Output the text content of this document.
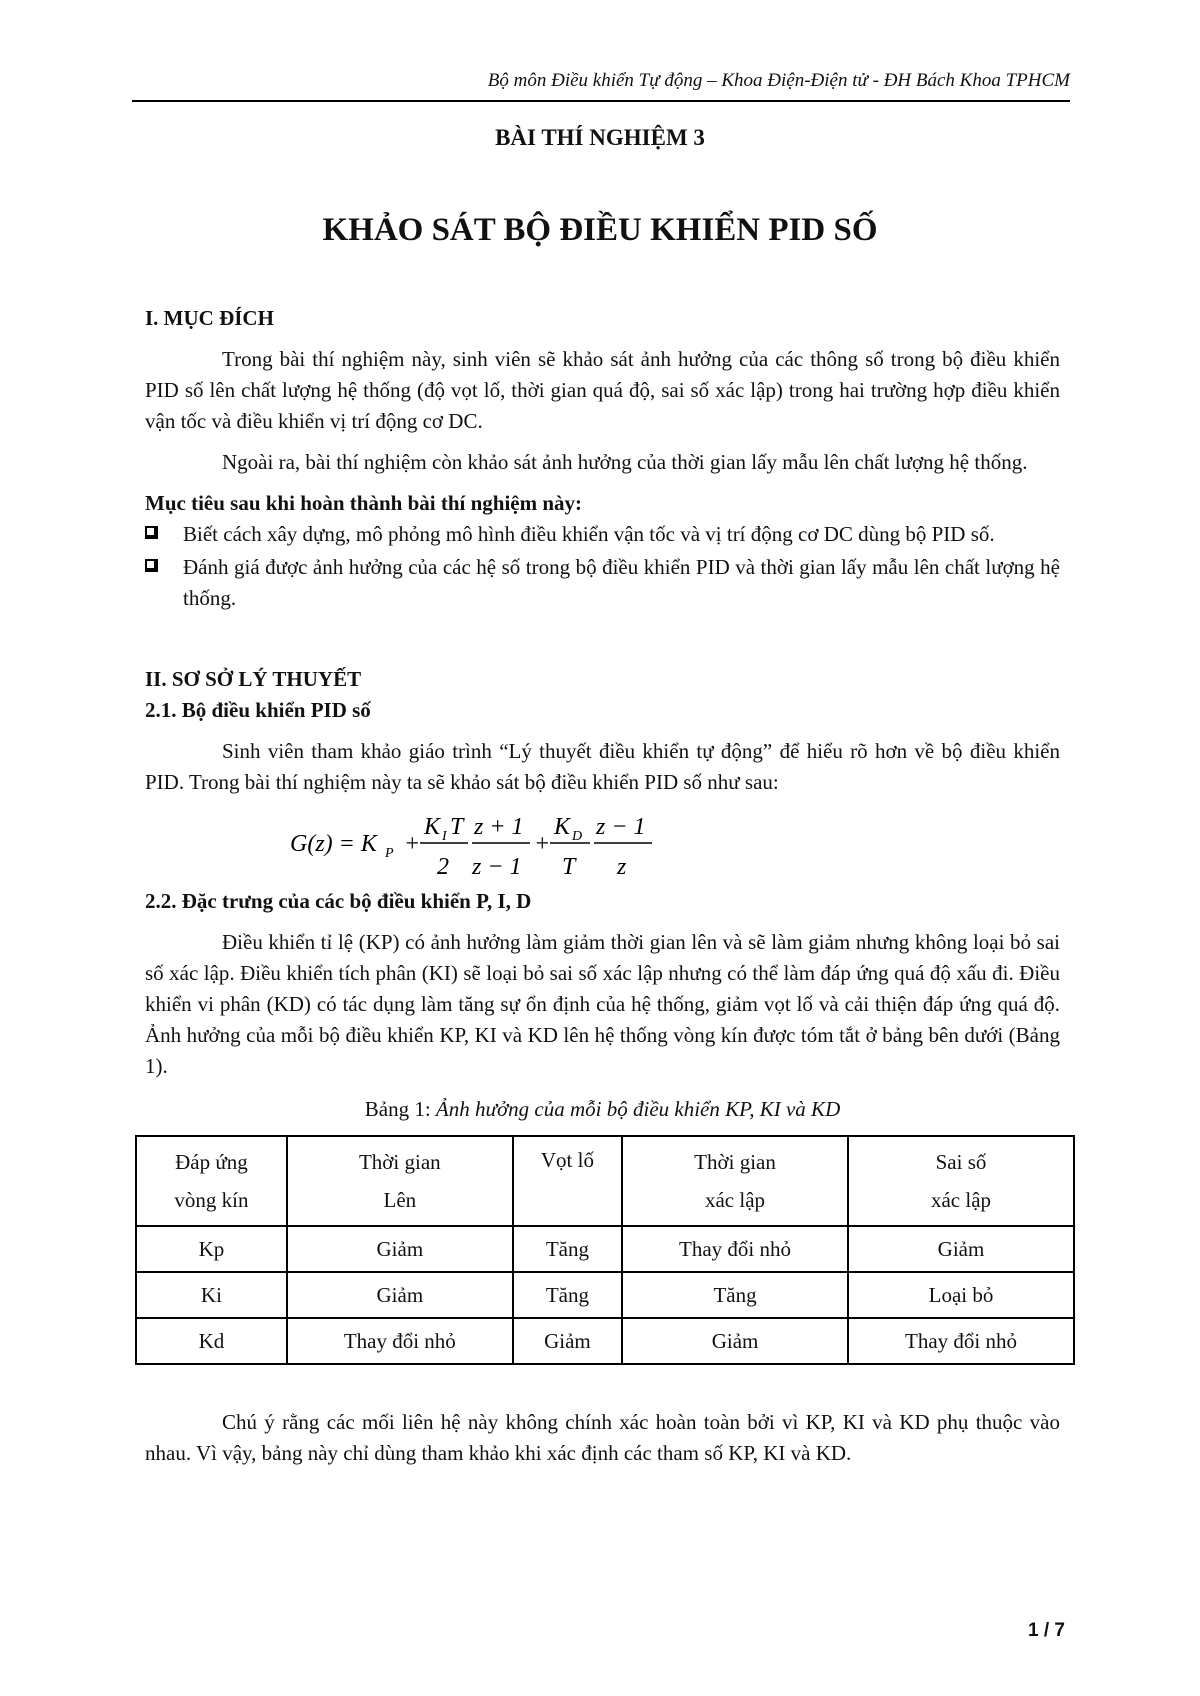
Bộ môn Điều khiển Tự động – Khoa Điện-Điện tử - ĐH Bách Khoa TPHCM
BÀI THÍ NGHIỆM 3
KHẢO SÁT BỘ ĐIỀU KHIỂN PID SỐ
I. MỤC ĐÍCH

Trong bài thí nghiệm này, sinh viên sẽ khảo sát ảnh hưởng của các thông số trong bộ điều khiển PID số lên chất lượng hệ thống (độ vọt lố, thời gian quá độ, sai số xác lập) trong hai trường hợp điều khiển vận tốc và điều khiển vị trí động cơ DC.

Ngoài ra, bài thí nghiệm còn khảo sát ảnh hưởng của thời gian lấy mẫu lên chất lượng hệ thống.

Mục tiêu sau khi hoàn thành bài thí nghiệm này:
Biết cách xây dựng, mô phỏng mô hình điều khiển vận tốc và vị trí động cơ DC dùng bộ PID số.
Đánh giá được ảnh hưởng của các hệ số trong bộ điều khiển PID và thời gian lấy mẫu lên chất lượng hệ thống.
II. SƠ SỞ LÝ THUYẾT
2.1. Bộ điều khiển PID số

Sinh viên tham khảo giáo trình “Lý thuyết điều khiển tự động” để hiểu rõ hơn về bộ điều khiển PID. Trong bài thí nghiệm này ta sẽ khảo sát bộ điều khiển PID số như sau:

G(z) = K P +
K I T
2
z + 1
z − 1
+
K D
T
z − 1
z
2.2. Đặc trưng của các bộ điều khiển P, I, D

Điều khiển tỉ lệ (KP) có ảnh hưởng làm giảm thời gian lên và sẽ làm giảm nhưng không loại bỏ sai số xác lập. Điều khiển tích phân (KI) sẽ loại bỏ sai số xác lập nhưng có thể làm đáp ứng quá độ xấu đi. Điều khiển vi phân (KD) có tác dụng làm tăng sự ổn định của hệ thống, giảm vọt lố và cải thiện đáp ứng quá độ. Ảnh hưởng của mỗi bộ điều khiển KP, KI và KD lên hệ thống vòng kín được tóm tắt ở bảng bên dưới (Bảng 1).

Bảng 1: Ảnh hưởng của mỗi bộ điều khiển KP, KI và KD
Đáp ứng
vòng kín	Thời gian
Lên	Vọt lố	Thời gian
xác lập	Sai số
xác lập
Kp	Giảm	Tăng	Thay đổi nhỏ	Giảm
Ki	Giảm	Tăng	Tăng	Loại bỏ
Kd	Thay đổi nhỏ	Giảm	Giảm	Thay đổi nhỏ

Chú ý rằng các mối liên hệ này không chính xác hoàn toàn bởi vì KP, KI và KD phụ thuộc vào nhau. Vì vậy, bảng này chỉ dùng tham khảo khi xác định các tham số KP, KI và KD.

1 / 7
